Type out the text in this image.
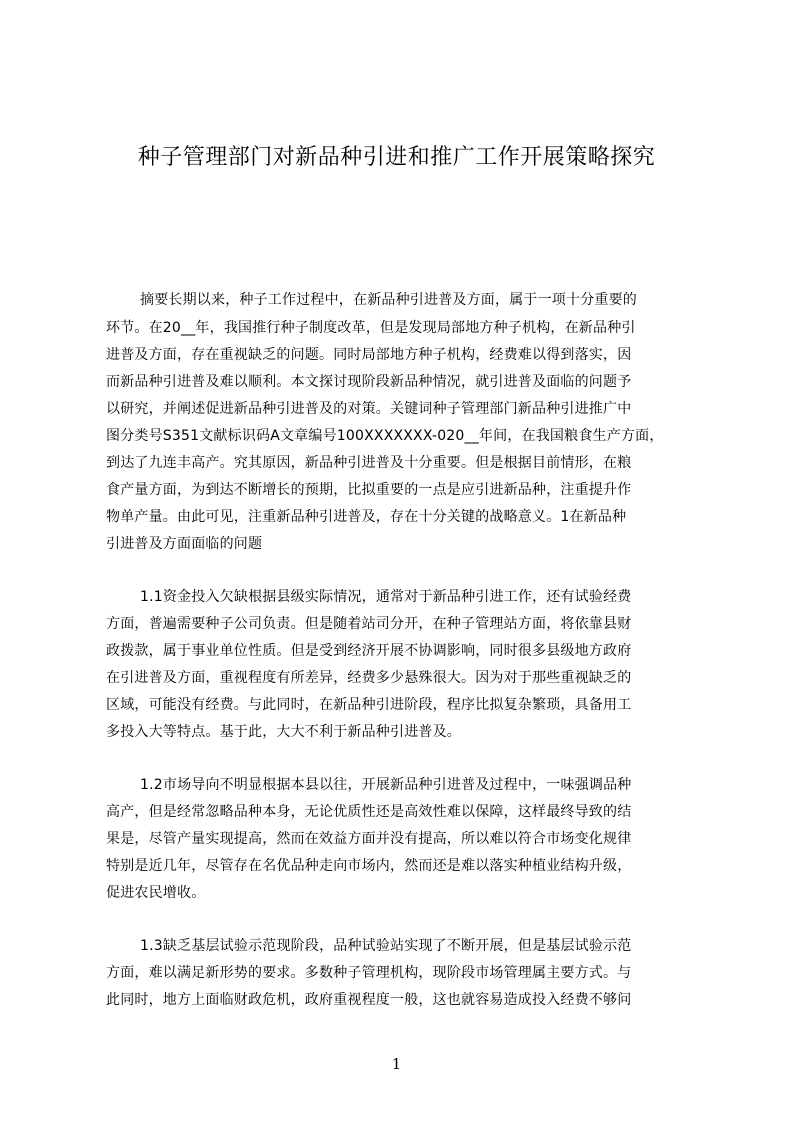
种子管理部门对新品种引进和推广工作开展策略探究
摘要长期以来，种子工作过程中，在新品种引进普及方面，属于一项十分重要的
环节。在20__年，我国推行种子制度改革，但是发现局部地方种子机构，在新品种引
进普及方面，存在重视缺乏的问题。同时局部地方种子机构，经费难以得到落实，因
而新品种引进普及难以顺利。本文探讨现阶段新品种情况，就引进普及面临的问题予
以研究，并阐述促进新品种引进普及的对策。关键词种子管理部门新品种引进推广中
图分类号S351文献标识码A文章编号100XXXXXXX-020__年间，在我国粮食生产方面，
到达了九连丰高产。究其原因，新品种引进普及十分重要。但是根据目前情形，在粮
食产量方面，为到达不断增长的预期，比拟重要的一点是应引进新品种，注重提升作
物单产量。由此可见，注重新品种引进普及，存在十分关键的战略意义。1在新品种
引进普及方面面临的问题
1.1资金投入欠缺根据县级实际情况，通常对于新品种引进工作，还有试验经费
方面，普遍需要种子公司负责。但是随着站司分开，在种子管理站方面，将依靠县财
政拨款，属于事业单位性质。但是受到经济开展不协调影响，同时很多县级地方政府
在引进普及方面，重视程度有所差异，经费多少悬殊很大。因为对于那些重视缺乏的
区域，可能没有经费。与此同时，在新品种引进阶段，程序比拟复杂繁琐，具备用工
多投入大等特点。基于此，大大不利于新品种引进普及。
1.2市场导向不明显根据本县以往，开展新品种引进普及过程中，一味强调品种
高产，但是经常忽略品种本身，无论优质性还是高效性难以保障，这样最终导致的结
果是，尽管产量实现提高，然而在效益方面并没有提高，所以难以符合市场变化规律
特别是近几年，尽管存在名优品种走向市场内，然而还是难以落实种植业结构升级，
促进农民增收。
1.3缺乏基层试验示范现阶段，品种试验站实现了不断开展，但是基层试验示范
方面，难以满足新形势的要求。多数种子管理机构，现阶段市场管理属主要方式。与
此同时，地方上面临财政危机，政府重视程度一般，这也就容易造成投入经费不够问
1
